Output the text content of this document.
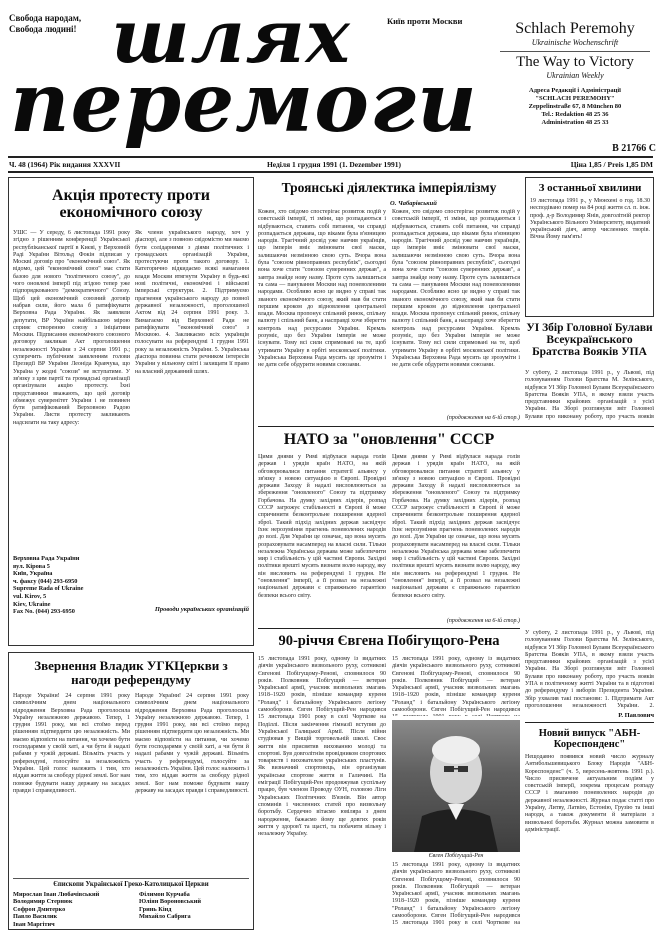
Свобода народам,
Свобода людині! шлях
перемоги
Київ проти Москви	Schlach Peremohy
Ukrainische Wochenschrift
The Way to Victory
Ukrainian Weekly
Адреса Редакції і Адміністрації
"SCHLACH PEREMOHY"
Zeppelinstraße 67, 8 München 80
Tel.: Redaktion 48 25 36
Administration 48 25 33
B 21766 C
Ч. 48 (1964) Рік видання XXXVII	Неділя 1 грудня 1991 (1. Dezember 1991)	Ціна 1,85 / Preis 1,85 DM
Акція протесту проти економічного союзу
УШС — У середу, 6 листопада 1991 року згідно з рішенням конференції Української республіканської партії в Києві, у Верховній Раді України Вітольд Фокін підписав у Москві договір про "економічний союз". Як відомо, цей "економічний союз" має стати базою для нового "політичного союзу", до чого оновлені імперії під згідою тепер уже підпорядкованого "демократичного" Союзу. Щоб цей економічний союзний договір набрав сили, його мала б ратифікувати Верховна Рада України. Як заявляли депутати, ВР України найбільшою мірою сприяє створенню союзу з ініціативи Москви. Підписання економічного союзного договору закликав Акт проголошення незалежності України з 24 серпня 1991 р.; суперечить публічним заявленням голови Президії ВР України Леоніда Кравчука, що Україна у жодні "союзи" не вступатиме. У зв'язку з цим партії та громадські організації організували акцію протесту. Їхні представники вважають, що цей договір обмежує суверенітет України і не повинен бути ратифікований Верховною Радою України. Листи протесту закликають надсилати на таку адресу:
Верховна Рада України
вул. Кірова 5
Київ, Україна
ч. факсу (044) 293-6950
Supreme Rada of Ukraine
vul. Kirov, 5
Kiev, Ukraine
Fax No. (044) 293-6950
Як члени українського народу, хоч у діаспорі, але з повною свідомістю ми маємо бути солідарними з діями політичних і громадських організацій України, протестуючи проти такого договору. 1. Категорично відкидаємо всякі намагання влади Москви втягнути Україну в будь-які нові політичні, економічні і військові імперські структури. 2. Підтримуємо прагнення українського народу до повної державної незалежності, проголошеної Актом від 24 серпня 1991 року. 3. Вимагаємо від Верховної Ради не ратифікувати "економічний союз" з Москвою. 4. Закликаємо всіх українців голосувати на референдумі 1 грудня 1991 року за незалежність України. 5. Українська діаспора повинна стати речником інтересів України у вільному світі і захищати її право на власний державний шлях.
Проводи українських організацій
Звернення Владик УГКЦеркви з нагоди референдуму
Народе України! 24 серпня 1991 року символічним днем національного відродження Верховна Рада проголосила Україну незалежною державою. Тепер, 1 грудня 1991 року, ми всі стоїмо перед рішенням підтвердити цю незалежність. Ми маємо відповісти на питання, чи хочемо бути господарями у своїй хаті, а чи бути й надалі рабами у чужій державі. Візьміть участь у референдумі, голосуйте за незалежність України. Цей голос належить і тим, хто віддав життя за свободу рідної землі. Бог нам поможе будувати нашу державу на засадах правди і справедливості.
Народе України! 24 серпня 1991 року символічним днем національного відродження Верховна Рада проголосила Україну незалежною державою. Тепер, 1 грудня 1991 року, ми всі стоїмо перед рішенням підтвердити цю незалежність. Ми маємо відповісти на питання, чи хочемо бути господарями у своїй хаті, а чи бути й надалі рабами у чужій державі. Візьміть участь у референдумі, голосуйте за незалежність України. Цей голос належить і тим, хто віддав життя за свободу рідної землі. Бог нам поможе будувати нашу державу на засадах правди і справедливості.
Єпископи Української Греко-Католицької Церкви
Мирослав Іван Любачівський
Володимир Стернюк
Софрон Дмитерко
Павло Василик
Іван Маргітич
Філимон Курчаба
Юліян Вороновський
Гринь Кінд
Михайло Сабрига
Троянські діялектика імперіялізму
О. Чабарівський
Кожен, хто свідомо спостерігає розвиток подій у совєтській імперії, ті зміни, що розпадаються і відбуваються, ставить собі питання, чи справді розпадається держава, що віками була в'язницею народів. Трагічний досвід уже навчив українців, що імперія вміє змінювати свої маски, залишаючи незмінною свою суть. Вчора вона була "союзом рівноправних республік", сьогодні вона хоче стати "союзом суверенних держав", а завтра знайде нову назву. Проте суть залишиться та сама — панування Москви над поневоленими народами. Особливо ясно це видно у справі так званого економічного союзу, який мав би стати першим кроком до відновлення центральної влади. Москва пропонує спільний ринок, спільну валюту і спільний банк, а насправді хоче зберегти контроль над ресурсами України. Кремль розуміє, що без України імперія не може існувати. Тому всі сили спрямовані на те, щоб утримати Україну в орбіті московської політики. Українська Верховна Рада мусить це зрозуміти і не дати себе обдурити новими союзами.
Кожен, хто свідомо спостерігає розвиток подій у совєтській імперії, ті зміни, що розпадаються і відбуваються, ставить собі питання, чи справді розпадається держава, що віками була в'язницею народів. Трагічний досвід уже навчив українців, що імперія вміє змінювати свої маски, залишаючи незмінною свою суть. Вчора вона була "союзом рівноправних республік", сьогодні вона хоче стати "союзом суверенних держав", а завтра знайде нову назву. Проте суть залишиться та сама — панування Москви над поневоленими народами. Особливо ясно це видно у справі так званого економічного союзу, який мав би стати першим кроком до відновлення центральної влади. Москва пропонує спільний ринок, спільну валюту і спільний банк, а насправді хоче зберегти контроль над ресурсами України. Кремль розуміє, що без України імперія не може існувати. Тому всі сили спрямовані на те, щоб утримати Україну в орбіті московської політики. Українська Верховна Рада мусить це зрозуміти і не дати себе обдурити новими союзами.
(продовження на 6-ій стор.)
НАТО за "оновлення" СССР
Цими днями у Римі відбулася нарада голів держав і урядів країн НАТО, на якій обговорювалися питання стратегії альянсу у зв'язку з новою ситуацією в Європі. Провідні держави Заходу й надалі висловлюються за збереження "оновленого" Союзу та підтримку Горбачова. На думку західних лідерів, розпад СССР загрожує стабільності в Європі й може спричинити безконтрольне поширення ядерної зброї. Такий підхід західних держав засвідчує їхнє нерозуміння прагнень поневолених народів до волі. Для України це означає, що вона мусить розраховувати насамперед на власні сили. Тільки незалежна Українська держава може забезпечити мир і стабільність у цій частині Європи. Західні політики врешті мусять визнати волю народу, яку він висловить на референдумі 1 грудня. Не "оновлення" імперії, а її розвал на незалежні національні держави є справжньою гарантією безпеки всього світу.
Цими днями у Римі відбулася нарада голів держав і урядів країн НАТО, на якій обговорювалися питання стратегії альянсу у зв'язку з новою ситуацією в Європі. Провідні держави Заходу й надалі висловлюються за збереження "оновленого" Союзу та підтримку Горбачова. На думку західних лідерів, розпад СССР загрожує стабільності в Європі й може спричинити безконтрольне поширення ядерної зброї. Такий підхід західних держав засвідчує їхнє нерозуміння прагнень поневолених народів до волі. Для України це означає, що вона мусить розраховувати насамперед на власні сили. Тільки незалежна Українська держава може забезпечити мир і стабільність у цій частині Європи. Західні політики врешті мусять визнати волю народу, яку він висловить на референдумі 1 грудня. Не "оновлення" імперії, а її розвал на незалежні національні держави є справжньою гарантією безпеки всього світу.
(продовження на 6-ій стор.)
90-річчя Євгена Побігущого-Рена
15 листопада 1991 року, одному із видатних діячів українського визвольного руху, сотникові Євгенові Побігущому-Ренові, сповнилося 90 років. Полковник Побігущий — ветеран Української армії, учасник визвольних змагань 1918–1920 років, пізніше командир куреня "Роланд" і батальйону Українського легіону самооборони. Євген Побігущий-Рен народився 15 листопада 1901 року в селі Чорткове на Поділлі. Після закінчення гімназії вступив до Української Галицької Армії. Після війни студіював у Вищій торговельній школі. Своє життя він присвятив вихованню молоді та спортові. Був довголітнім провідником спортових товариств і вихователем українських пластунів. Як визначний спортовець, він організував українське спортове життя в Галичині. На еміграції Побігущий-Рен продовжував суспільну працю, був членом Проводу ОУН, головою Ліги Українських Політичних В'язнів. Він автор споминів і численних статей про визвольну боротьбу. Сердечно вітаємо ювіляра з днем народження, бажаємо йому ще довгих років життя у здоров'ї та щасті, та побачити вільну і незалежну Україну.
15 листопада 1991 року, одному із видатних діячів українського визвольного руху, сотникові Євгенові Побігущому-Ренові, сповнилося 90 років. Полковник Побігущий — ветеран Української армії, учасник визвольних змагань 1918–1920 років, пізніше командир куреня "Роланд" і батальйону Українського легіону самооборони. Євген Побігущий-Рен народився
Євген Побігущий-Рен
15 листопада 1991 року, одному із видатних діячів українського визвольного руху, сотникові Євгенові Побігущому-Ренові, сповнилося 90 років. Полковник Побігущий — ветеран Української армії, учасник визвольних змагань 1918–1920 років, пізніше командир куреня "Роланд" і батальйону Українського легіону самооборони. Євген Побігущий-Рен народився 15 листопада 1901 року в селі Чорткове на
З останньої хвилини
19 листопада 1991 р., у Мюнхені о год. 18.30 несподівано помер на 84 році життя сл. п. інж. проф. д-р Володимир Янів, довголітній ректор Українського Вільного Університету, видатний український діяч, автор численних творів. Вічна Йому пам'ять!
УІ Збір Головної Булави Всеукраїнського Братства Вояків УПА
У суботу, 2 листопада 1991 р., у Львові, під головуванням Голови Братства М. Зелінського, відбувся УІ Збір Головної Булави Всеукраїнського Братства Вояків УПА, в якому взяли участь представники крайових організацій з усієї України. На Зборі розглянули звіт Головної Булави про виконану роботу, про участь вояків
У суботу, 2 листопада 1991 р., у Львові, під головуванням Голови Братства М. Зелінського, відбувся УІ Збір Головної Булави Всеукраїнського Братства Вояків УПА, в якому взяли участь представники крайових організацій з усієї України. На Зборі розглянули звіт Головної Булави про виконану роботу, про участь вояків УПА в політичному житті України та в підготові до референдуму і виборів Президента України. Збір ухвалив такі постанови: 1. Підтримати Акт проголошення незалежності України. 2.
Р. Павлович
Новий випуск "АБН-Кореспонденс"
Нещодавно появився новий число журналу Антибольшевицького Блоку Народів "АБН-Кореспонденс" (ч. 5, вересень-жовтень 1991 р.). Число присвячене актуальним подіям у совєтській імперії, зокрема процесам розпаду СССР і змаганню поневолених народів до державної незалежності. Журнал подає статті про Україну, Литву, Латвію, Естонію, Грузію та інші народи, а також документи й матеріали з визвольної боротьби. Журнал можна замовити в адміністрації.
